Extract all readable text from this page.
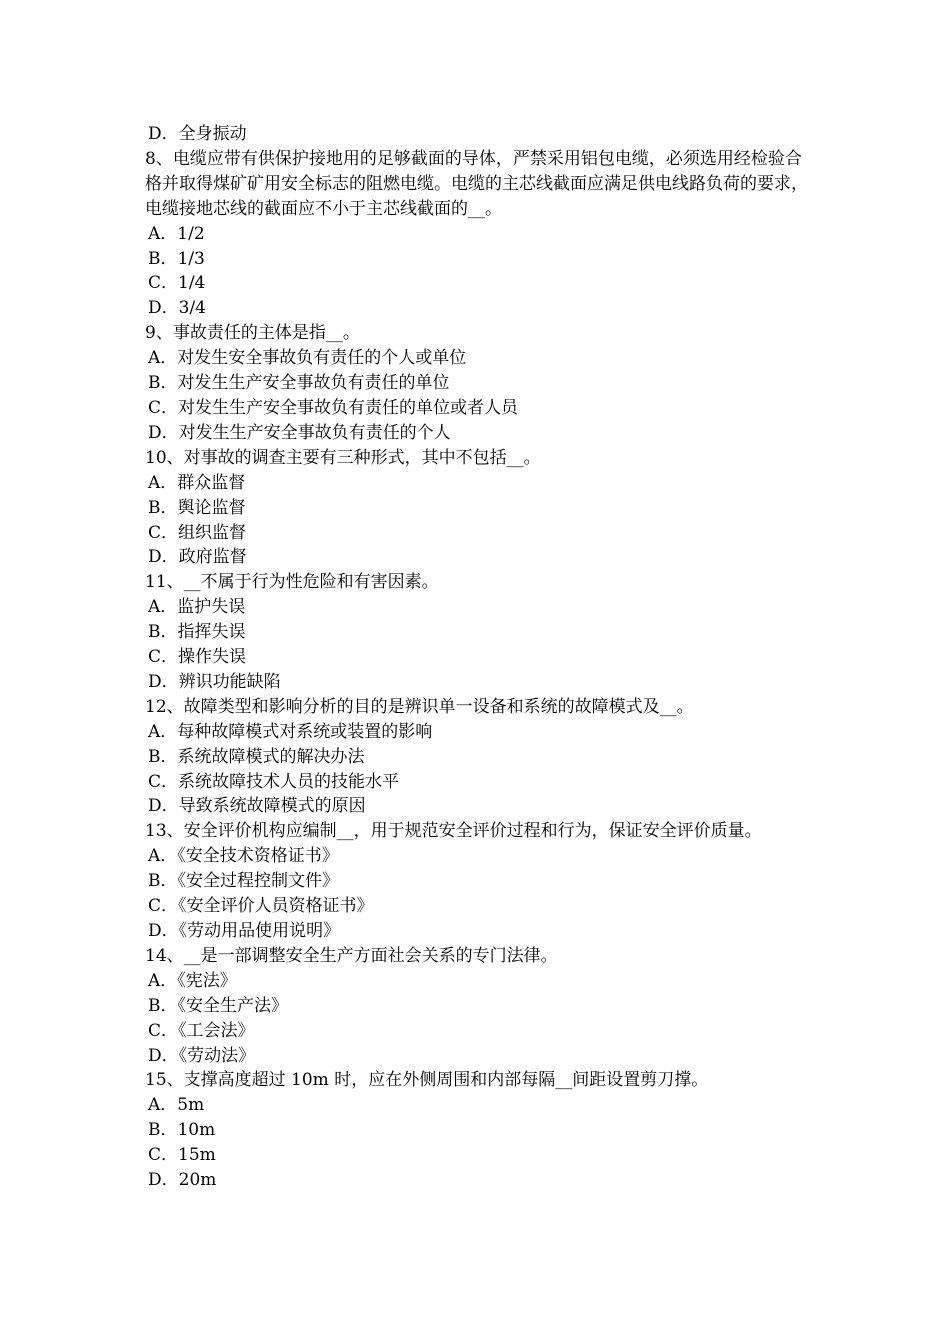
D．全身振动
8、电缆应带有供保护接地用的足够截面的导体，严禁采用铝包电缆，必须选用经检验合格并取得煤矿矿用安全标志的阻燃电缆。电缆的主芯线截面应满足供电线路负荷的要求，电缆接地芯线的截面应不小于主芯线截面的__。
A．1/2
B．1/3
C．1/4
D．3/4
9、事故责任的主体是指__。
A．对发生安全事故负有责任的个人或单位
B．对发生生产安全事故负有责任的单位
C．对发生生产安全事故负有责任的单位或者人员
D．对发生生产安全事故负有责任的个人
10、对事故的调查主要有三种形式，其中不包括__。
A．群众监督
B．舆论监督
C．组织监督
D．政府监督
11、__不属于行为性危险和有害因素。
A．监护失误
B．指挥失误
C．操作失误
D．辨识功能缺陷
12、故障类型和影响分析的目的是辨识单一设备和系统的故障模式及__。
A．每种故障模式对系统或装置的影响
B．系统故障模式的解决办法
C．系统故障技术人员的技能水平
D．导致系统故障模式的原因
13、安全评价机构应编制__，用于规范安全评价过程和行为，保证安全评价质量。
A．《安全技术资格证书》
B．《安全过程控制文件》
C．《安全评价人员资格证书》
D．《劳动用品使用说明》
14、__是一部调整安全生产方面社会关系的专门法律。
A．《宪法》
B．《安全生产法》
C．《工会法》
D．《劳动法》
15、支撑高度超过 10m 时，应在外侧周围和内部每隔__间距设置剪刀撑。
A．5m
B．10m
C．15m
D．20m
